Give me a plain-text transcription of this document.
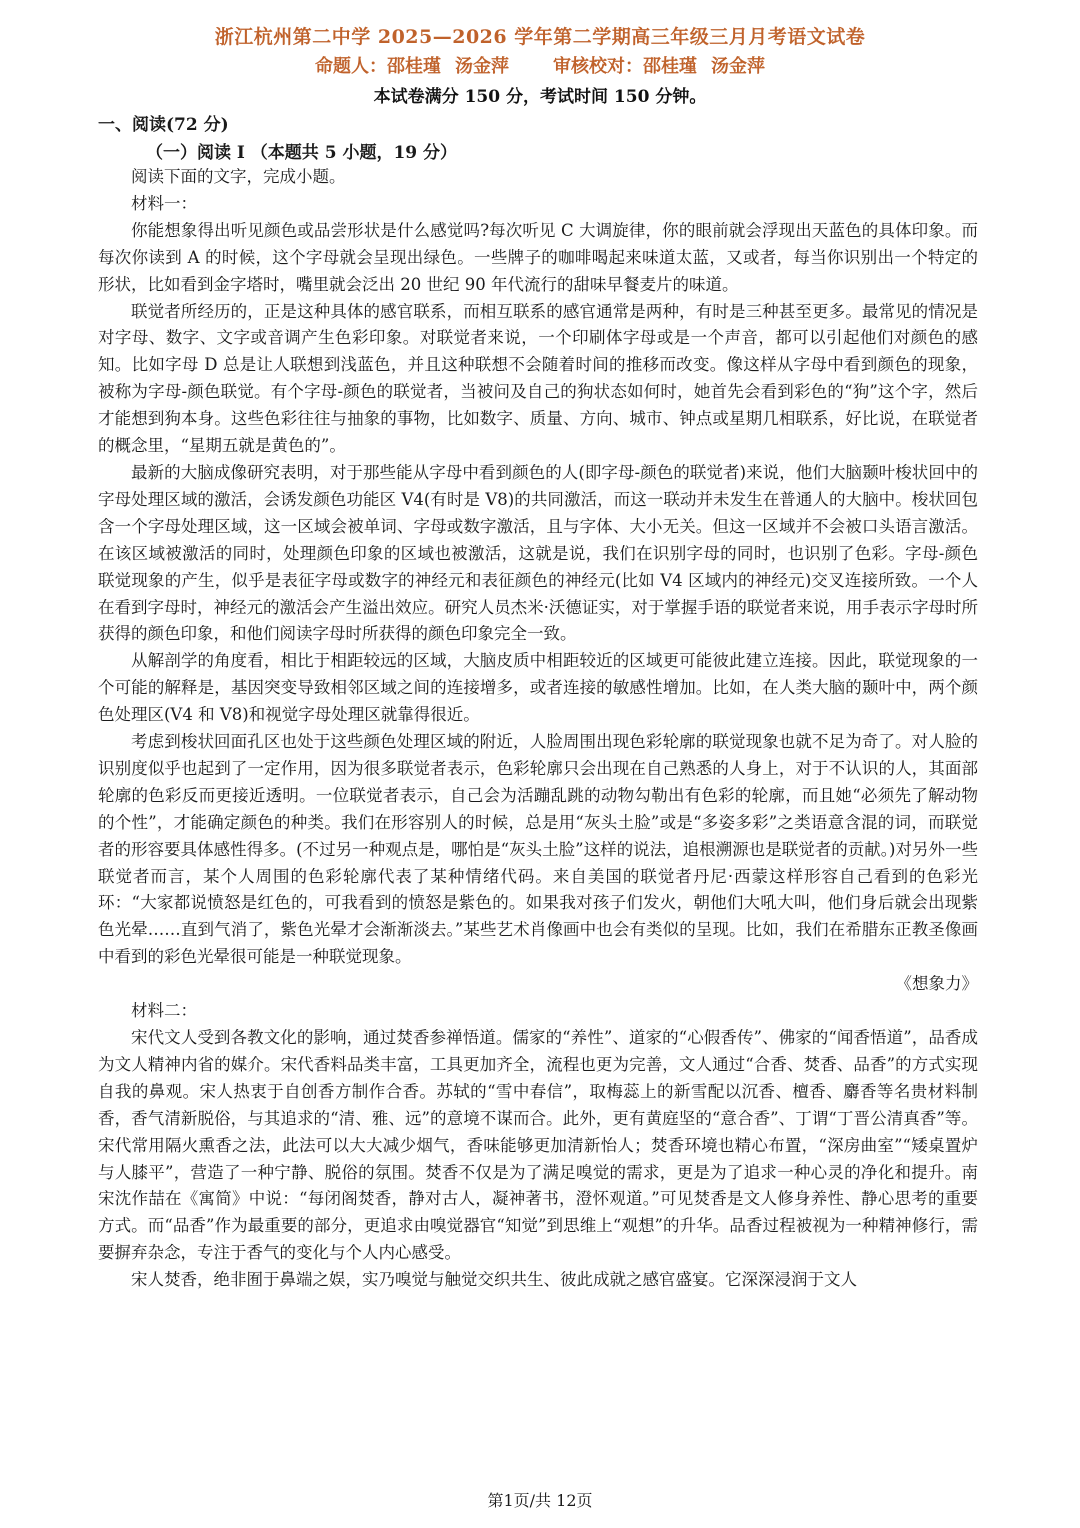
浙江杭州第二中学 2025—2026 学年第二学期高三年级三月月考语文试卷
命题人：邵桂瑾 汤金萍 审核校对：邵桂瑾 汤金萍
本试卷满分 150 分，考试时间 150 分钟。
一、阅读(72 分)
（一）阅读 I （本题共 5 小题，19 分）

阅读下面的文字，完成小题。

材料一：

你能想象得出听见颜色或品尝形状是什么感觉吗?每次听见 C 大调旋律，你的眼前就会浮现出天蓝色的具体印象。而每次你读到 A 的时候，这个字母就会呈现出绿色。一些牌子的咖啡喝起来味道太蓝，又或者，每当你识别出一个特定的形状，比如看到金字塔时，嘴里就会泛出 20 世纪 90 年代流行的甜味早餐麦片的味道。

联觉者所经历的，正是这种具体的感官联系，而相互联系的感官通常是两种，有时是三种甚至更多。最常见的情况是对字母、数字、文字或音调产生色彩印象。对联觉者来说，一个印刷体字母或是一个声音，都可以引起他们对颜色的感知。比如字母 D 总是让人联想到浅蓝色，并且这种联想不会随着时间的推移而改变。像这样从字母中看到颜色的现象，被称为字母-颜色联觉。有个字母-颜色的联觉者，当被问及自己的狗状态如何时，她首先会看到彩色的“狗”这个字，然后才能想到狗本身。这些色彩往往与抽象的事物，比如数字、质量、方向、城市、钟点或星期几相联系，好比说，在联觉者的概念里，“星期五就是黄色的”。

最新的大脑成像研究表明，对于那些能从字母中看到颜色的人(即字母-颜色的联觉者)来说，他们大脑颞叶梭状回中的字母处理区域的激活，会诱发颜色功能区 V4(有时是 V8)的共同激活，而这一联动并未发生在普通人的大脑中。梭状回包含一个字母处理区域，这一区域会被单词、字母或数字激活，且与字体、大小无关。但这一区域并不会被口头语言激活。在该区域被激活的同时，处理颜色印象的区域也被激活，这就是说，我们在识别字母的同时，也识别了色彩。字母-颜色联觉现象的产生，似乎是表征字母或数字的神经元和表征颜色的神经元(比如 V4 区域内的神经元)交叉连接所致。一个人在看到字母时，神经元的激活会产生溢出效应。研究人员杰米·沃德证实，对于掌握手语的联觉者来说，用手表示字母时所获得的颜色印象，和他们阅读字母时所获得的颜色印象完全一致。

从解剖学的角度看，相比于相距较远的区域，大脑皮质中相距较近的区域更可能彼此建立连接。因此，联觉现象的一个可能的解释是，基因突变导致相邻区域之间的连接增多，或者连接的敏感性增加。比如，在人类大脑的颞叶中，两个颜色处理区(V4 和 V8)和视觉字母处理区就靠得很近。

考虑到梭状回面孔区也处于这些颜色处理区域的附近，人脸周围出现色彩轮廓的联觉现象也就不足为奇了。对人脸的识别度似乎也起到了一定作用，因为很多联觉者表示，色彩轮廓只会出现在自己熟悉的人身上，对于不认识的人，其面部轮廓的色彩反而更接近透明。一位联觉者表示，自己会为活蹦乱跳的动物勾勒出有色彩的轮廓，而且她“必须先了解动物的个性”，才能确定颜色的种类。我们在形容别人的时候，总是用“灰头土脸”或是“多姿多彩”之类语意含混的词，而联觉者的形容要具体感性得多。(不过另一种观点是，哪怕是“灰头土脸”这样的说法，追根溯源也是联觉者的贡献。)对另外一些联觉者而言，某个人周围的色彩轮廓代表了某种情绪代码。来自美国的联觉者丹尼·西蒙这样形容自己看到的色彩光环：“大家都说愤怒是红色的，可我看到的愤怒是紫色的。如果我对孩子们发火，朝他们大吼大叫，他们身后就会出现紫色光晕……直到气消了，紫色光晕才会渐渐淡去。”某些艺术肖像画中也会有类似的呈现。比如，我们在希腊东正教圣像画中看到的彩色光晕很可能是一种联觉现象。

《想象力》

材料二：

宋代文人受到各教文化的影响，通过焚香参禅悟道。儒家的“养性”、道家的“心假香传”、佛家的“闻香悟道”，品香成为文人精神内省的媒介。宋代香料品类丰富，工具更加齐全，流程也更为完善，文人通过“合香、焚香、品香”的方式实现自我的鼻观。宋人热衷于自创香方制作合香。苏轼的“雪中春信”，取梅蕊上的新雪配以沉香、檀香、麝香等名贵材料制香，香气清新脱俗，与其追求的“清、雅、远”的意境不谋而合。此外，更有黄庭坚的“意合香”、丁谓“丁晋公清真香”等。宋代常用隔火熏香之法，此法可以大大减少烟气，香味能够更加清新怡人；焚香环境也精心布置，“深房曲室”“矮桌置炉与人膝平”，营造了一种宁静、脱俗的氛围。焚香不仅是为了满足嗅觉的需求，更是为了追求一种心灵的净化和提升。南宋沈作喆在《寓简》中说：“每闭阁焚香，静对古人，凝神著书，澄怀观道。”可见焚香是文人修身养性、静心思考的重要方式。而“品香”作为最重要的部分，更追求由嗅觉器官“知觉”到思维上“观想”的升华。品香过程被视为一种精神修行，需要摒弃杂念，专注于香气的变化与个人内心感受。

宋人焚香，绝非囿于鼻端之娱，实乃嗅觉与触觉交织共生、彼此成就之感官盛宴。它深深浸润于文人

第1页/共 12页
